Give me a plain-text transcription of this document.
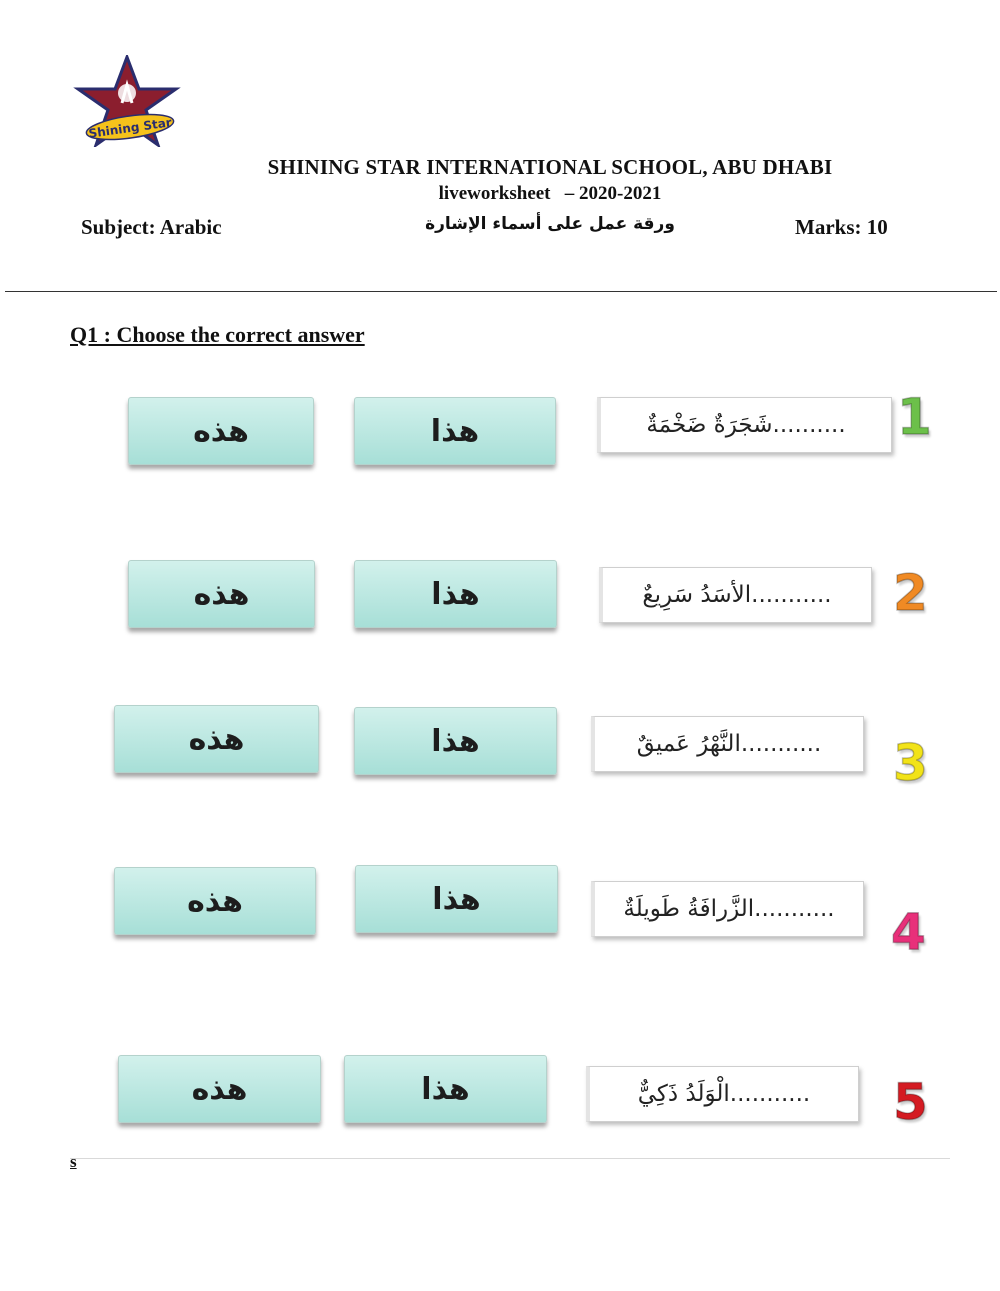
Shining Star
SHINING STAR INTERNATIONAL SCHOOL, ABU DHABI
liveworksheet   – 2020-2021
Subject: Arabic	ورقة عمل على أسماء الإشارة	Marks: 10
Q1 : Choose the correct answer
هذه	هذا	..........شَجَرَةٌ ضَخْمَةٌ	1
هذه	هذا	...........الأسَدُ سَرِيعٌ	2
هذه	هذا	...........النَّهْرُ عَميقٌ	3
هذه	هذا	...........الزَّرافَةُ طَويلَةٌ	4
هذه	هذا	...........الْوَلَدُ ذَكِيٌّ	5
s
